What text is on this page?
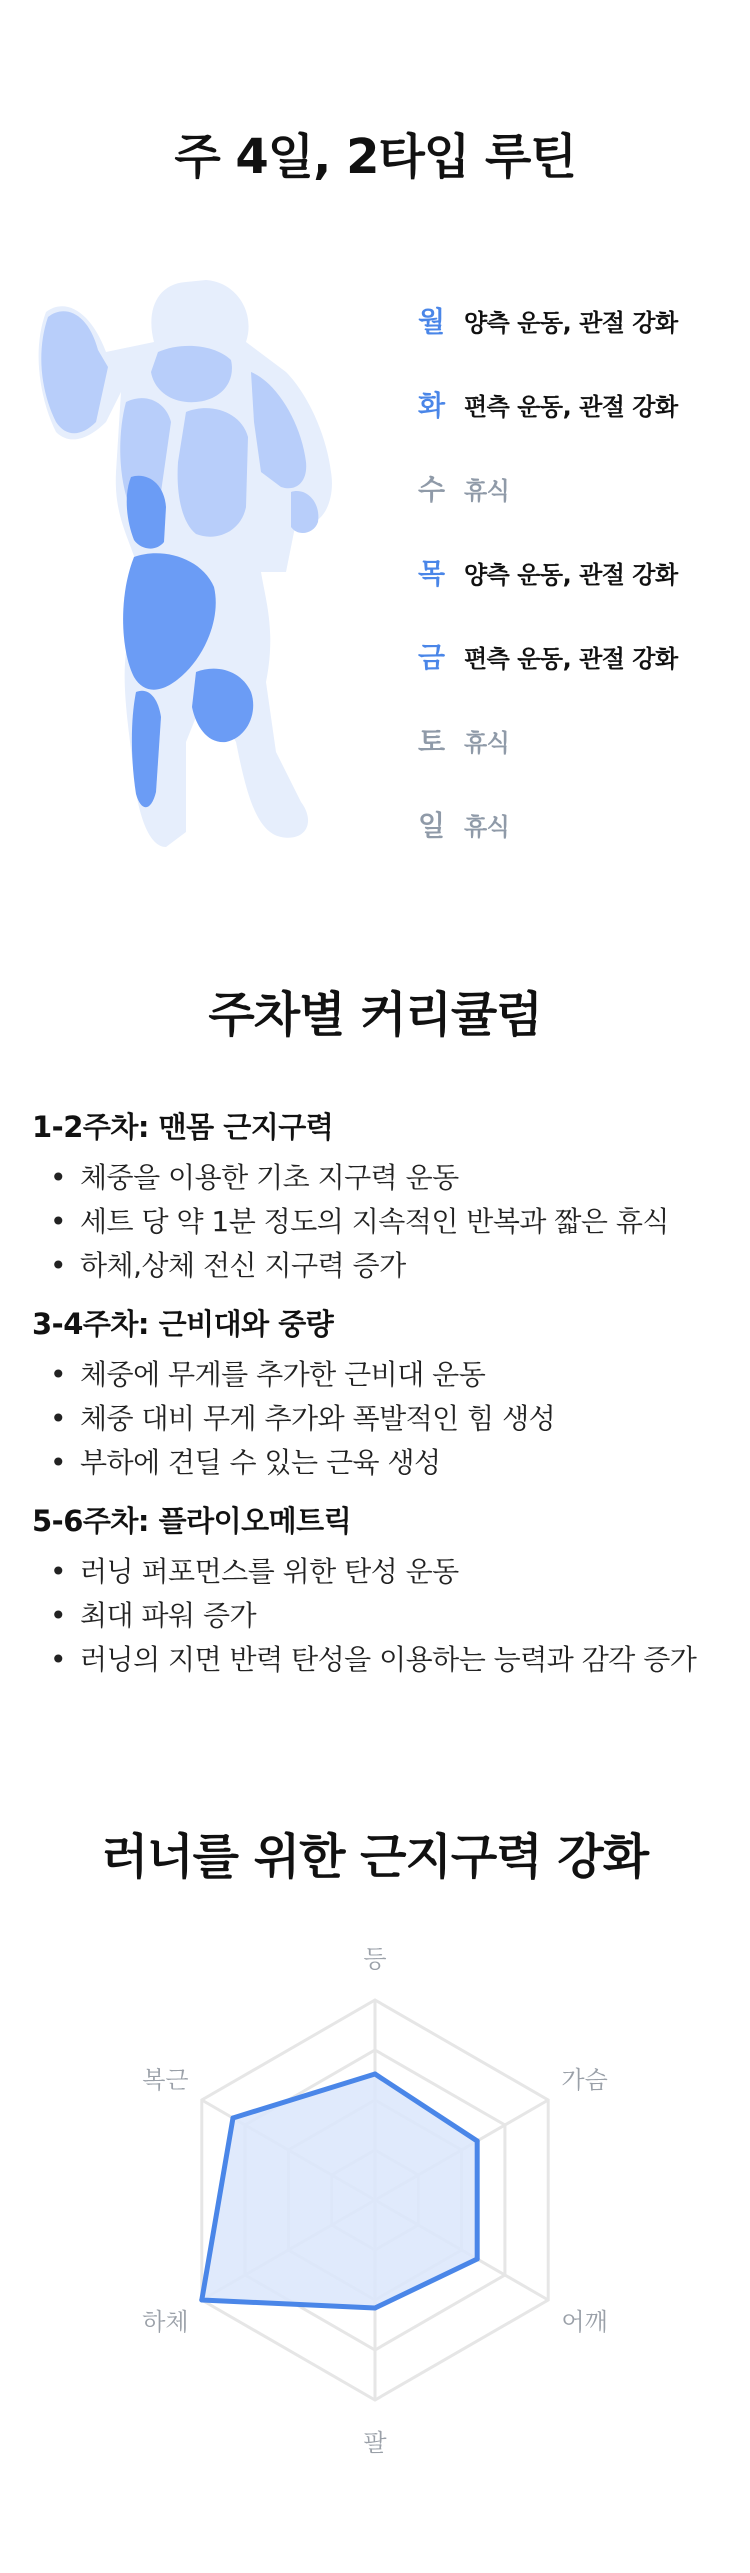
주 4일, 2타입 루틴
월 양측 운동, 관절 강화
화 편측 운동, 관절 강화
수 휴식
목 양측 운동, 관절 강화
금 편측 운동, 관절 강화
토 휴식
일 휴식
주차별 커리큘럼
1-2주차: 맨몸 근지구력
• 체중을 이용한 기초 지구력 운동
• 세트 당 약 1분 정도의 지속적인 반복과 짧은 휴식
• 하체,상체 전신 지구력 증가
3-4주차: 근비대와 중량
• 체중에 무게를 추가한 근비대 운동
• 체중 대비 무게 추가와 폭발적인 힘 생성
• 부하에 견딜 수 있는 근육 생성
5-6주차: 플라이오메트릭
• 러닝 퍼포먼스를 위한 탄성 운동
• 최대 파워 증가
• 러닝의 지면 반력 탄성을 이용하는 능력과 감각 증가
러너를 위한 근지구력 강화
등
가슴
어깨
팔
하체
복근
